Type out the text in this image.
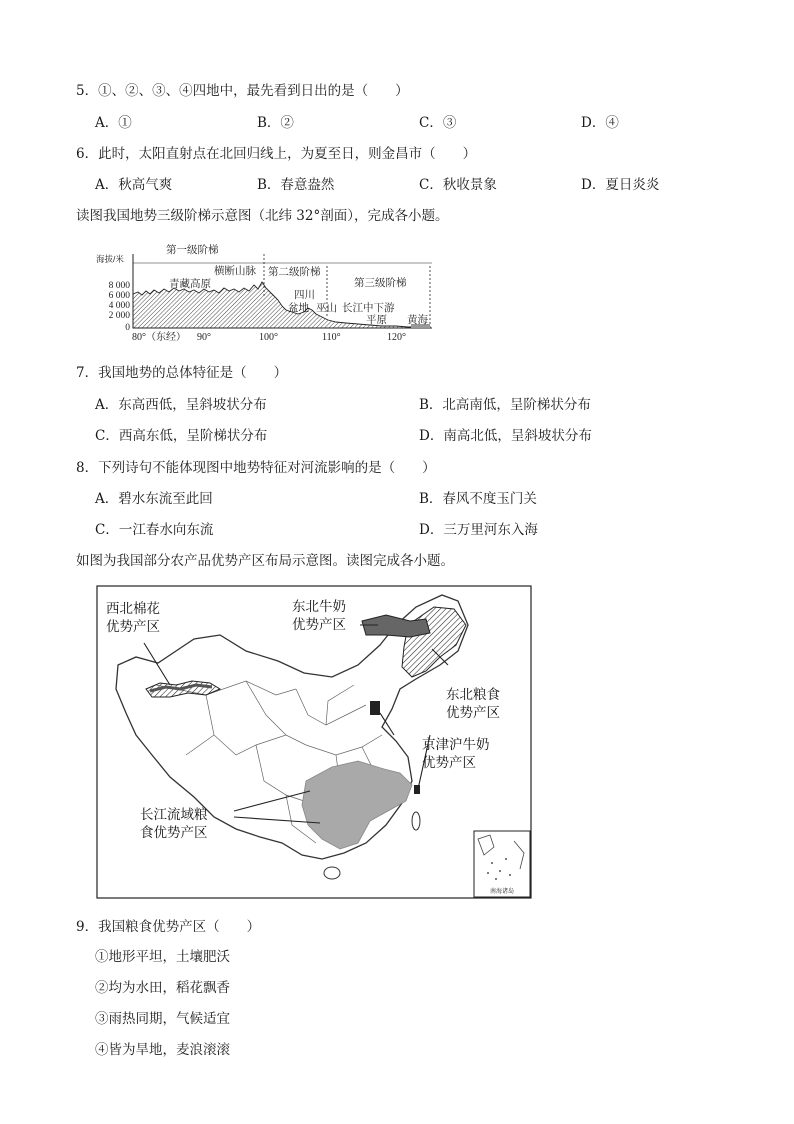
5．①、②、③、④四地中，最先看到日出的是（　　）
A．①	B．②	C．③	D．④
6．此时，太阳直射点在北回归线上，为夏至日，则金昌市（　　）
A．秋高气爽	B．春意盎然	C．秋收景象	D．夏日炎炎
读图我国地势三级阶梯示意图（北纬 32°剖面），完成各小题。
海拔/米
8 000
6 000
4 000
2 000
0
第一级阶梯
第二级阶梯
第三级阶梯
青藏高原
横断山脉
四川
盆地 巫山 长江中下游
平原 黄海
80°（东经） 90°	100°	110°	120°
7．我国地势的总体特征是（　　）
A．东高西低，呈斜坡状分布	B．北高南低，呈阶梯状分布
C．西高东低，呈阶梯状分布	D．南高北低，呈斜坡状分布
8．下列诗句不能体现图中地势特征对河流影响的是（　　）
A．碧水东流至此回	B．春风不度玉门关
C．一江春水向东流	D．三万里河东入海
如图为我国部分农产品优势产区布局示意图。读图完成各小题。
西北棉花
优势产区
东北牛奶
优势产区
东北粮食
优势产区
京津沪牛奶
优势产区
长江流域粮
食优势产区
南海诸岛
9．我国粮食优势产区（　　）
①地形平坦，土壤肥沃
②均为水田，稻花飘香
③雨热同期，气候适宜
④皆为旱地，麦浪滚滚
